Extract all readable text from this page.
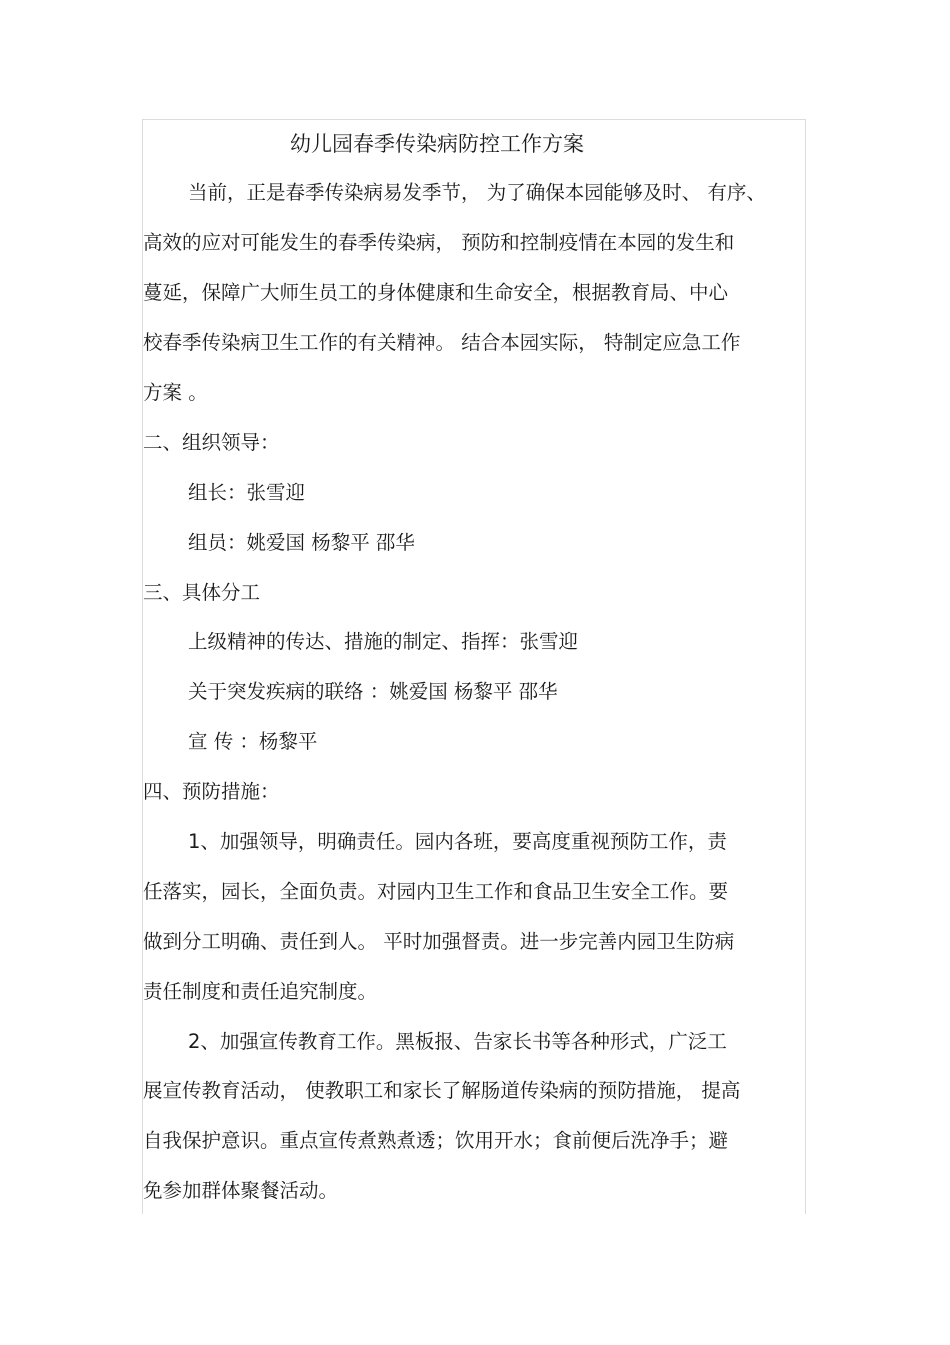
幼儿园春季传染病防控工作方案
当前，正是春季传染病易发季节， 为了确保本园能够及时、 有序、
高效的应对可能发生的春季传染病， 预防和控制疫情在本园的发生和
蔓延，保障广大师生员工的身体健康和生命安全，根据教育局、中心
校春季传染病卫生工作的有关精神。 结合本园实际， 特制定应急工作
方案 。
二、组织领导：
组长：张雪迎
组员：姚爱国 杨黎平 邵华
三、具体分工
上级精神的传达、措施的制定、指挥：张雪迎
关于突发疾病的联络 ：姚爱国 杨黎平 邵华
宣 传 ：杨黎平
四、预防措施：
1、加强领导，明确责任。园内各班，要高度重视预防工作，责
任落实，园长，全面负责。对园内卫生工作和食品卫生安全工作。要
做到分工明确、责任到人。 平时加强督责。进一步完善内园卫生防病
责任制度和责任追究制度。
2、加强宣传教育工作。黑板报、告家长书等各种形式，广泛工
展宣传教育活动， 使教职工和家长了解肠道传染病的预防措施， 提高
自我保护意识。重点宣传煮熟煮透；饮用开水；食前便后洗净手；避
免参加群体聚餐活动。
